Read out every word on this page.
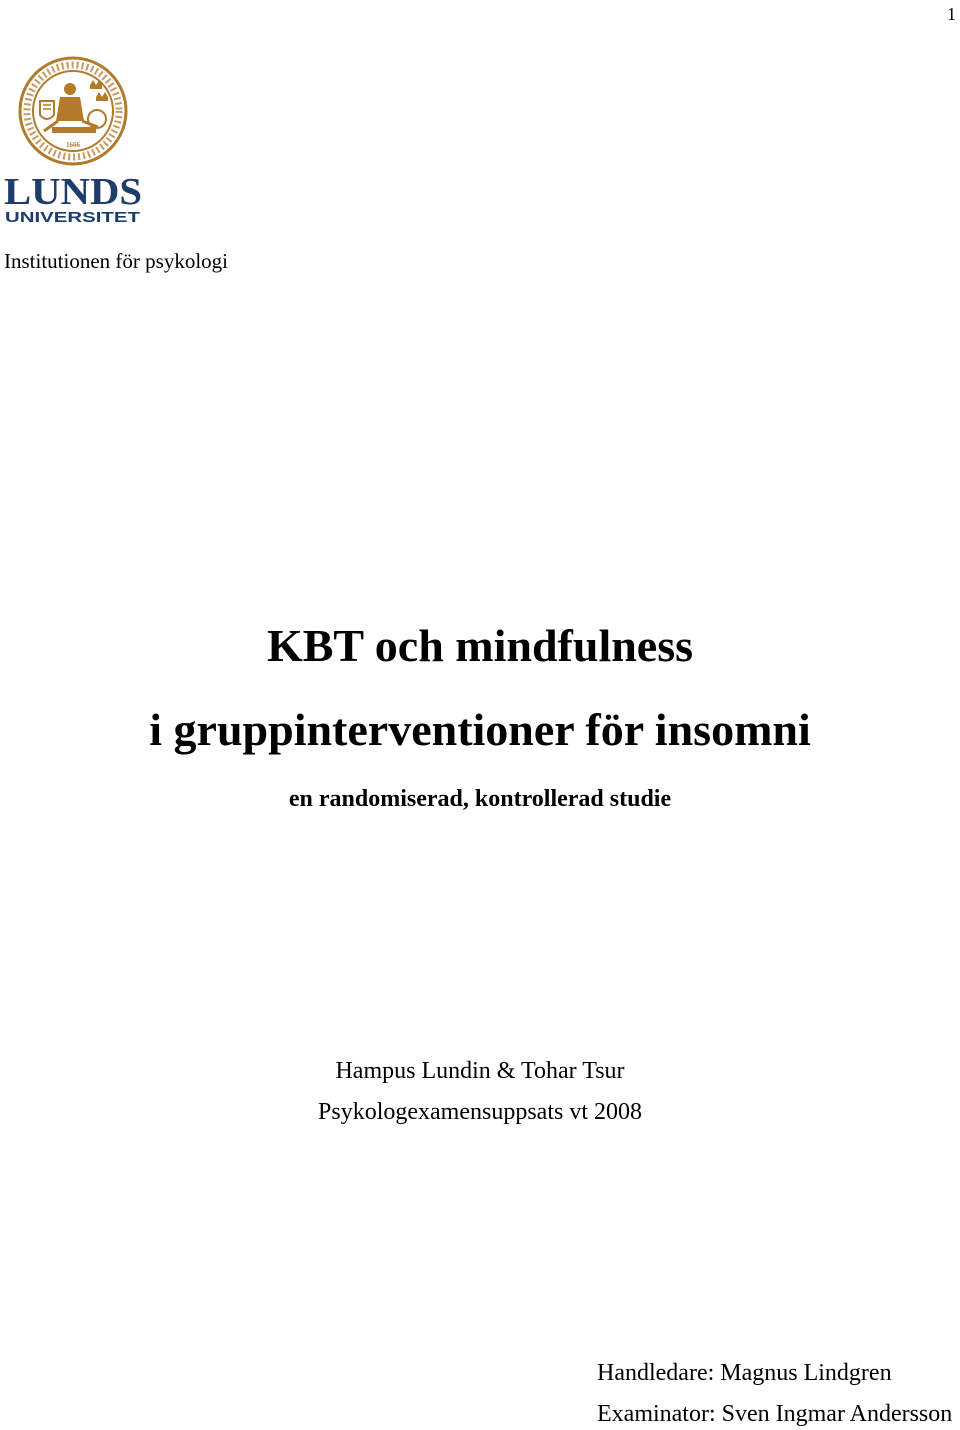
1
1666
LUNDS
UNIVERSITET
Institutionen för psykologi
KBT och mindfulness
i gruppinterventioner för insomni
en randomiserad, kontrollerad studie
Hampus Lundin & Tohar Tsur
Psykologexamensuppsats vt 2008
Handledare: Magnus Lindgren
Examinator: Sven Ingmar Andersson
